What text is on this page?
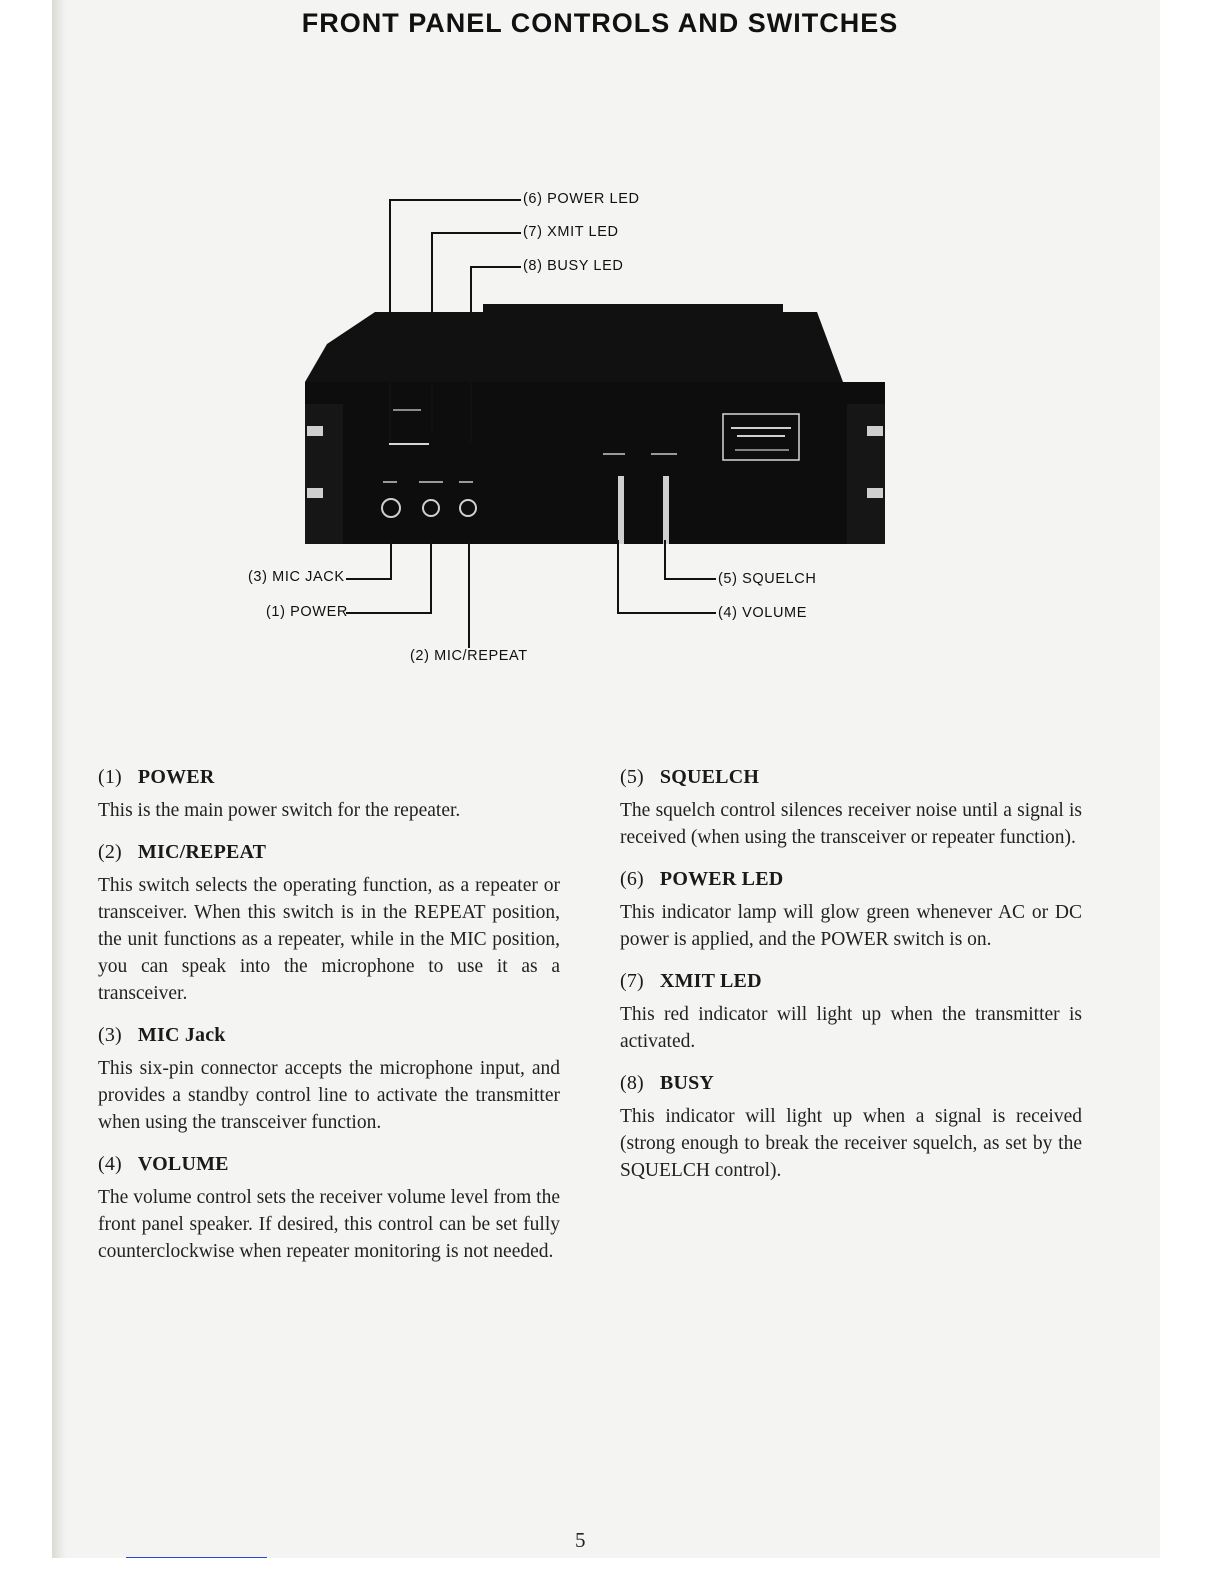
FRONT PANEL CONTROLS AND SWITCHES
(6) POWER LED
(7) XMIT LED
(8) BUSY LED
(3) MIC JACK
(1) POWER
(2) MIC/REPEAT
(5) SQUELCH
(4) VOLUME
(1) POWER

This is the main power switch for the repeater.

(2) MIC/REPEAT

This switch selects the operating function, as a repeater or transceiver. When this switch is in the REPEAT position, the unit functions as a repeater, while in the MIC position, you can speak into the microphone to use it as a transceiver.

(3) MIC Jack

This six-pin connector accepts the microphone input, and provides a standby control line to activate the transmitter when using the transceiver function.

(4) VOLUME

The volume control sets the receiver volume level from the front panel speaker. If desired, this control can be set fully counterclockwise when repeater monitoring is not needed.

(5) SQUELCH

The squelch control silences receiver noise until a signal is received (when using the transceiver or repeater function).

(6) POWER LED

This indicator lamp will glow green whenever AC or DC power is applied, and the POWER switch is on.

(7) XMIT LED

This red indicator will light up when the transmitter is activated.

(8) BUSY

This indicator will light up when a signal is received (strong enough to break the receiver squelch, as set by the SQUELCH control).

5
